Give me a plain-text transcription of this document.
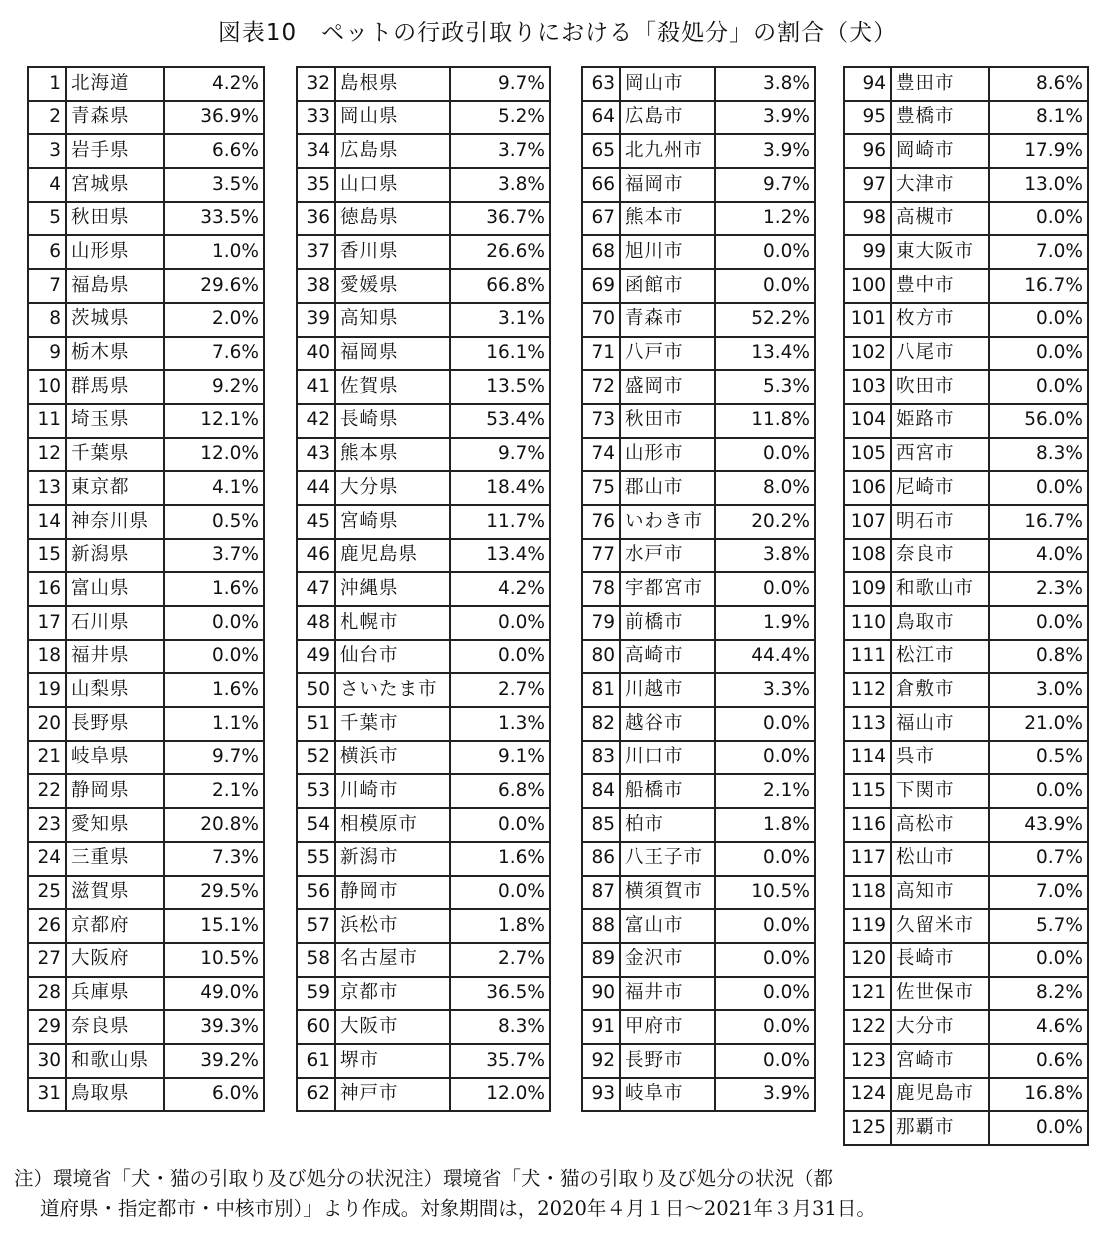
図表10　ペットの行政引取りにおける「殺処分」の割合（犬）
1	北海道	4.2%
2	青森県	36.9%
3	岩手県	6.6%
4	宮城県	3.5%
5	秋田県	33.5%
6	山形県	1.0%
7	福島県	29.6%
8	茨城県	2.0%
9	栃木県	7.6%
10	群馬県	9.2%
11	埼玉県	12.1%
12	千葉県	12.0%
13	東京都	4.1%
14	神奈川県	0.5%
15	新潟県	3.7%
16	富山県	1.6%
17	石川県	0.0%
18	福井県	0.0%
19	山梨県	1.6%
20	長野県	1.1%
21	岐阜県	9.7%
22	静岡県	2.1%
23	愛知県	20.8%
24	三重県	7.3%
25	滋賀県	29.5%
26	京都府	15.1%
27	大阪府	10.5%
28	兵庫県	49.0%
29	奈良県	39.3%
30	和歌山県	39.2%
31	鳥取県	6.0%
32	島根県	9.7%
33	岡山県	5.2%
34	広島県	3.7%
35	山口県	3.8%
36	徳島県	36.7%
37	香川県	26.6%
38	愛媛県	66.8%
39	高知県	3.1%
40	福岡県	16.1%
41	佐賀県	13.5%
42	長崎県	53.4%
43	熊本県	9.7%
44	大分県	18.4%
45	宮崎県	11.7%
46	鹿児島県	13.4%
47	沖縄県	4.2%
48	札幌市	0.0%
49	仙台市	0.0%
50	さいたま市	2.7%
51	千葉市	1.3%
52	横浜市	9.1%
53	川崎市	6.8%
54	相模原市	0.0%
55	新潟市	1.6%
56	静岡市	0.0%
57	浜松市	1.8%
58	名古屋市	2.7%
59	京都市	36.5%
60	大阪市	8.3%
61	堺市	35.7%
62	神戸市	12.0%
63	岡山市	3.8%
64	広島市	3.9%
65	北九州市	3.9%
66	福岡市	9.7%
67	熊本市	1.2%
68	旭川市	0.0%
69	函館市	0.0%
70	青森市	52.2%
71	八戸市	13.4%
72	盛岡市	5.3%
73	秋田市	11.8%
74	山形市	0.0%
75	郡山市	8.0%
76	いわき市	20.2%
77	水戸市	3.8%
78	宇都宮市	0.0%
79	前橋市	1.9%
80	高崎市	44.4%
81	川越市	3.3%
82	越谷市	0.0%
83	川口市	0.0%
84	船橋市	2.1%
85	柏市	1.8%
86	八王子市	0.0%
87	横須賀市	10.5%
88	富山市	0.0%
89	金沢市	0.0%
90	福井市	0.0%
91	甲府市	0.0%
92	長野市	0.0%
93	岐阜市	3.9%
94	豊田市	8.6%
95	豊橋市	8.1%
96	岡崎市	17.9%
97	大津市	13.0%
98	高槻市	0.0%
99	東大阪市	7.0%
100	豊中市	16.7%
101	枚方市	0.0%
102	八尾市	0.0%
103	吹田市	0.0%
104	姫路市	56.0%
105	西宮市	8.3%
106	尼崎市	0.0%
107	明石市	16.7%
108	奈良市	4.0%
109	和歌山市	2.3%
110	鳥取市	0.0%
111	松江市	0.8%
112	倉敷市	3.0%
113	福山市	21.0%
114	呉市	0.5%
115	下関市	0.0%
116	高松市	43.9%
117	松山市	0.7%
118	高知市	7.0%
119	久留米市	5.7%
120	長崎市	0.0%
121	佐世保市	8.2%
122	大分市	4.6%
123	宮崎市	0.6%
124	鹿児島市	16.8%
125	那覇市	0.0%

注）環境省「犬・猫の引取り及び処分の状況注）環境省「犬・猫の引取り及び処分の状況（都

道府県・指定都市・中核市別）」より作成。対象期間は，2020年４月１日～2021年３月31日。
